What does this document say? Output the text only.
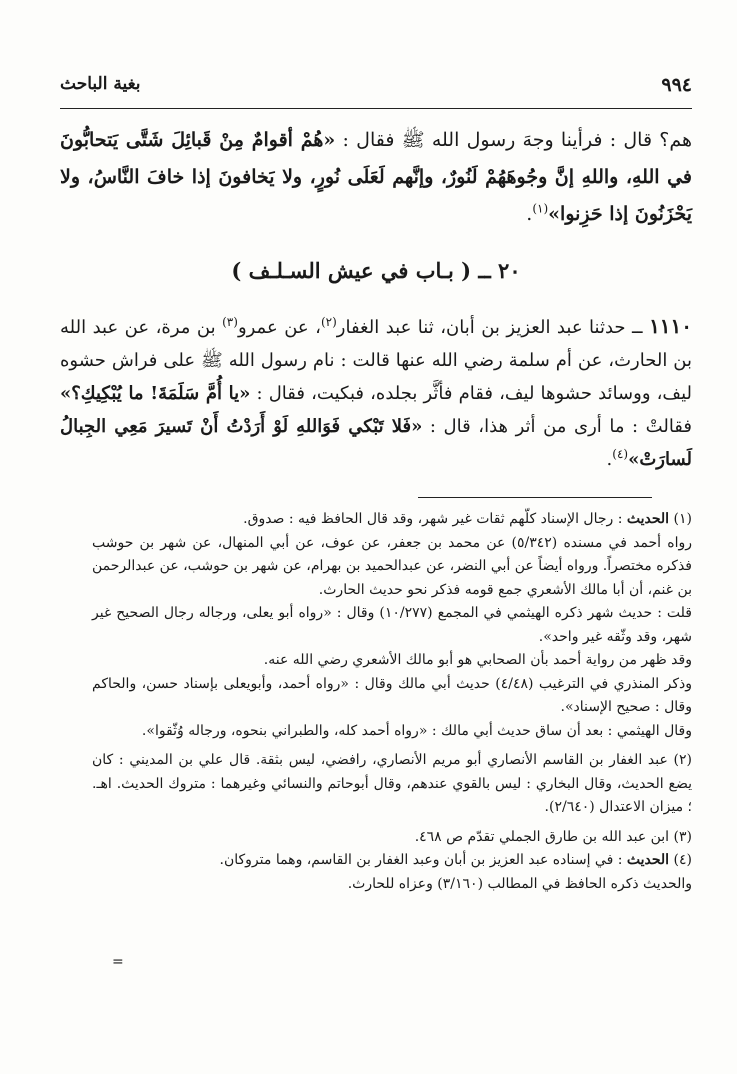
٩٩٤
بغية الباحث

هم؟ قال : فرأينا وجهَ رسول الله ﷺ فقال : «هُمْ أقوامٌ مِنْ قَبائِلَ شَتَّى يَتحابُّونَ في اللهِ، واللهِ إنَّ وجُوهَهُمْ لَنُورٌ، وإنَّهم لَعَلَى نُورٍ، ولا يَخافونَ إذا خافَ النَّاسُ، ولا يَحْزَنُونَ إذا حَزِنوا»$^{(١)}$.

٢٠ ــ ( بـاب في عيش السـلـف )

١١١٠ ــ حدثنا عبد العزيز بن أبان، ثنا عبد الغفار$^{(٢)}$، عن عمرو$^{(٣)}$ بن مرة، عن عبد الله بن الحارث، عن أم سلمة رضي الله عنها قالت : نام رسول الله ﷺ على فراش حشوه ليف، ووسائد حشوها ليف، فقام فأثَّر بجلده، فبكيت، فقال : «يا أُمَّ سَلَمَةَ! ما يُبْكِيكِ؟» فقالتْ : ما أرى من أثر هذا، قال : «فَلا تَبْكي فَوَاللهِ لَوْ أَرَدْتُ أَنْ تَسيرَ مَعِي الجِبالُ لَسارَتْ»$^{(٤)}$.

(١) الحديث : رجال الإسناد كلّهم ثقات غير شهر، وقد قال الحافظ فيه : صدوق.

رواه أحمد في مسنده (٥/٣٤٢) عن محمد بن جعفر، عن عوف، عن أبي المنهال، عن شهر بن حوشب فذكره مختصراً. ورواه أيضاً عن أبي النضر، عن عبدالحميد بن بهرام، عن شهر بن حوشب، عن عبدالرحمن بن غنم، أن أبا مالك الأشعري جمع قومه فذكر نحو حديث الحارث.

قلت : حديث شهر ذكره الهيثمي في المجمع (١٠/٢٧٧) وقال : «رواه أبو يعلى، ورجاله رجال الصحيح غير شهر، وقد وثّقه غير واحد».

وقد ظهر من رواية أحمد بأن الصحابي هو أبو مالك الأشعري رضي الله عنه.

وذكر المنذري في الترغيب (٤/٤٨) حديث أبي مالك وقال : «رواه أحمد، وأبويعلى بإسناد حسن، والحاكم وقال : صحيح الإسناد».

وقال الهيثمي : بعد أن ساق حديث أبي مالك : «رواه أحمد كله، والطبراني بنحوه، ورجاله وُثّقوا».

(٢) عبد الغفار بن القاسم الأنصاري أبو مريم الأنصاري، رافضي، ليس بثقة. قال علي بن المديني : كان يضع الحديث، وقال البخاري : ليس بالقوي عندهم، وقال أبوحاتم والنسائي وغيرهما : متروك الحديث. اهـ. ؛ ميزان الاعتدال (٢/٦٤٠).

(٣) ابن عبد الله بن طارق الجملي تقدّم ص ٤٦٨.

(٤) الحديث : في إسناده عبد العزيز بن أبان وعبد الغفار بن القاسم، وهما متروكان.

والحديث ذكره الحافظ في المطالب (٣/١٦٠) وعزاه للحارث.

=
